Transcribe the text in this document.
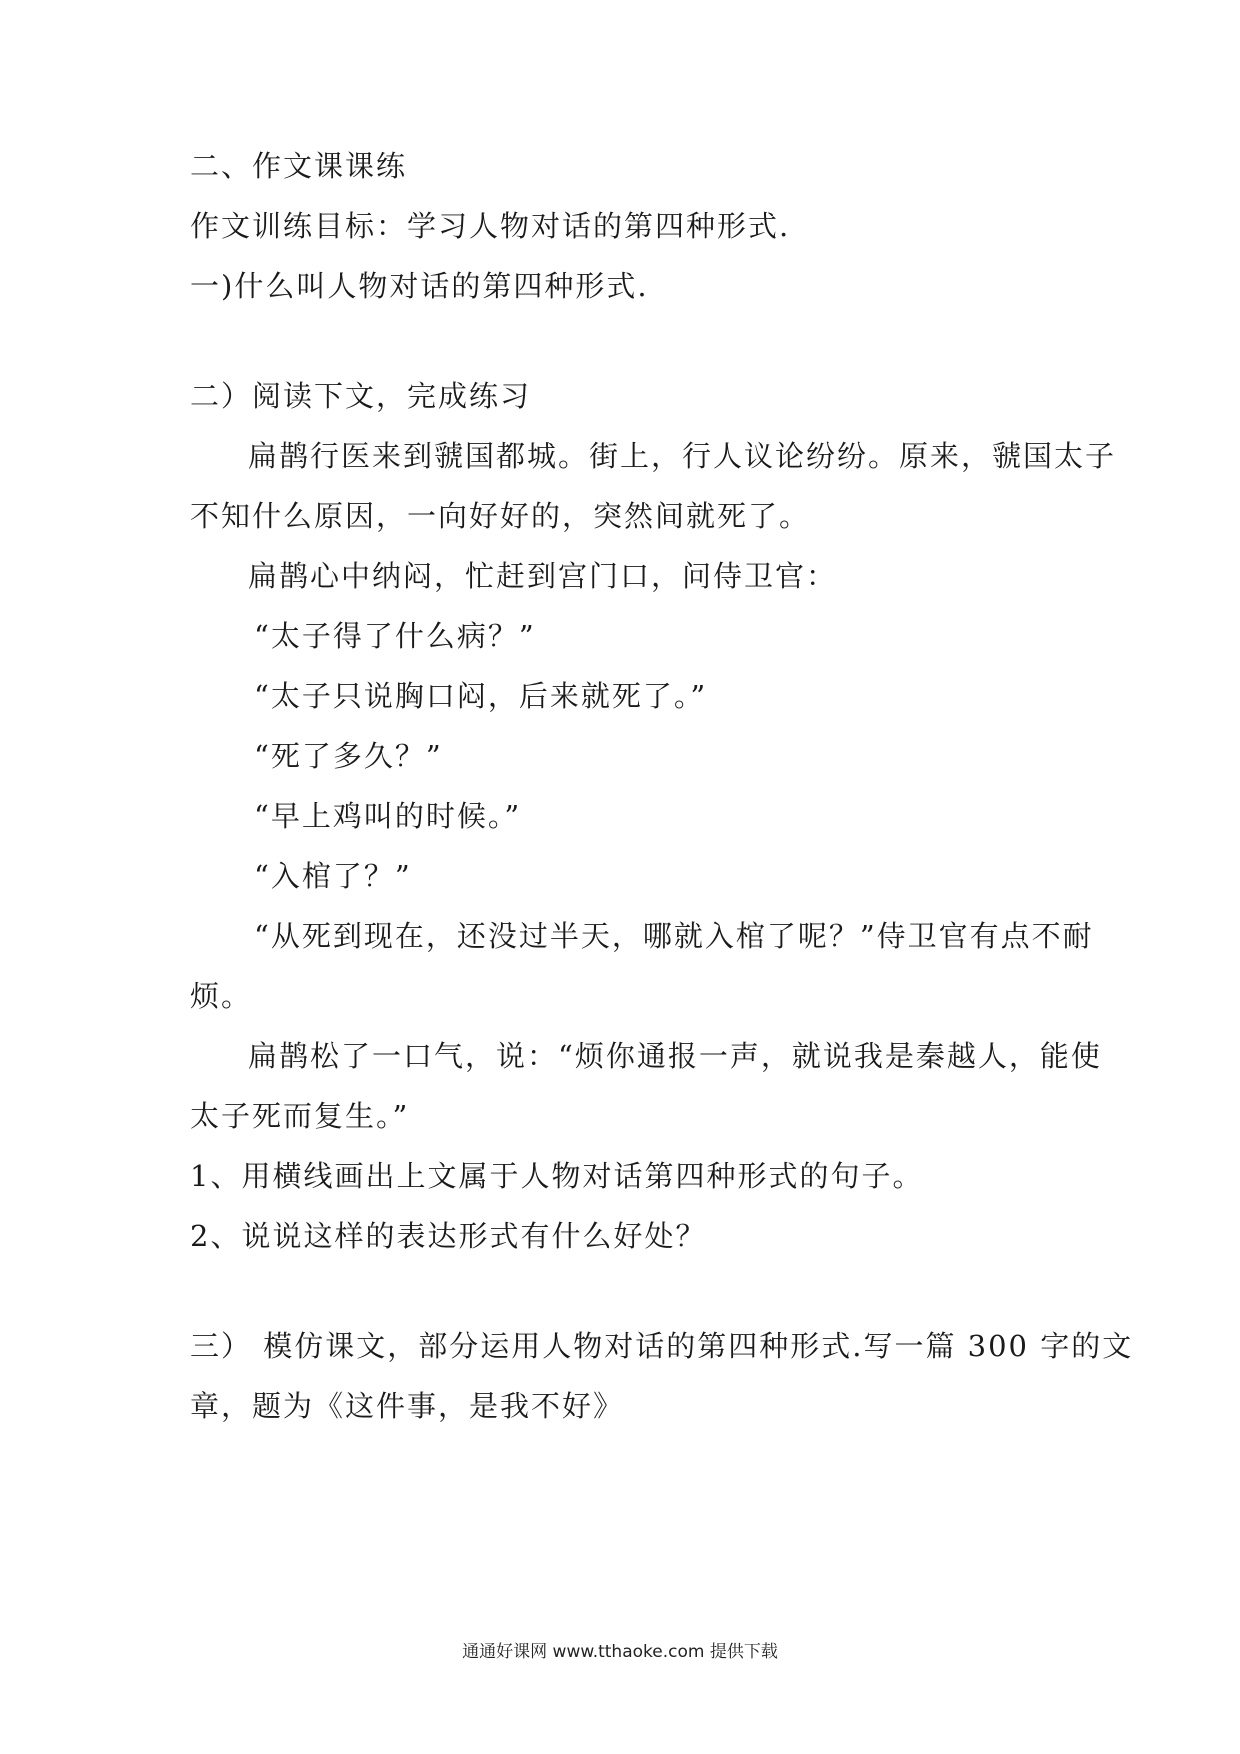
二、作文课课练
作文训练目标：学习人物对话的第四种形式.
一)什么叫人物对话的第四种形式.
二）阅读下文，完成练习
扁鹊行医来到虢国都城。街上，行人议论纷纷。原来，虢国太子
不知什么原因，一向好好的，突然间就死了。
扁鹊心中纳闷，忙赶到宫门口，问侍卫官：
“太子得了什么病？”
“太子只说胸口闷，后来就死了。”
“死了多久？”
“早上鸡叫的时候。”
“入棺了？”
“从死到现在，还没过半天，哪就入棺了呢？”侍卫官有点不耐
烦。
扁鹊松了一口气，说：“烦你通报一声，就说我是秦越人，能使
太子死而复生。”
1、用横线画出上文属于人物对话第四种形式的句子。
2、说说这样的表达形式有什么好处？
三） 模仿课文，部分运用人物对话的第四种形式.写一篇 300 字的文
章，题为《这件事，是我不好》
通通好课网 www.tthaoke.com 提供下载
